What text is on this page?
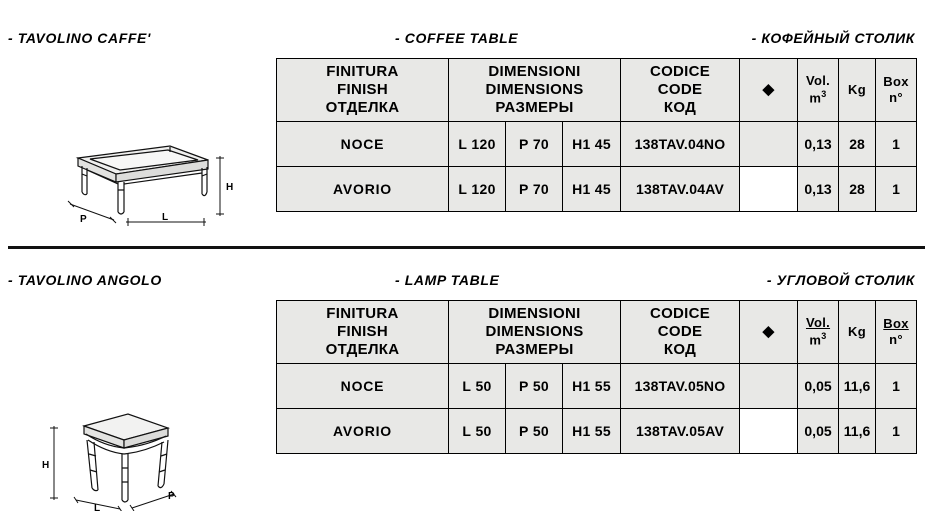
- TAVOLINO CAFFE'	- COFFEE TABLE	- КОФЕЙНЫЙ СТОЛИК
H
L
P
FINITURA
FINISH
ОТДЕЛКА	DIMENSIONI
DIMENSIONS
РАЗМЕРЫ			CODICE
CODE
КОД	◆	Vol.
$m^3$	Kg	Box
n°

NOCE	L 120	P 70	H1 45	138TAV.04NO		0,13	28	1
AVORIO	L 120	P 70	H1 45	138TAV.04AV		0,13	28	1
- TAVOLINO ANGOLO	- LAMP TABLE	- УГЛОВОЙ СТОЛИК
H
L
P
FINITURA
FINISH
ОТДЕЛКА	DIMENSIONI
DIMENSIONS
РАЗМЕРЫ			CODICE
CODE
КОД	◆	Vol.
$m^3$	Kg	Box
n°

NOCE	L 50	P 50	H1 55	138TAV.05NO		0,05	11,6	1
AVORIO	L 50	P 50	H1 55	138TAV.05AV		0,05	11,6	1
